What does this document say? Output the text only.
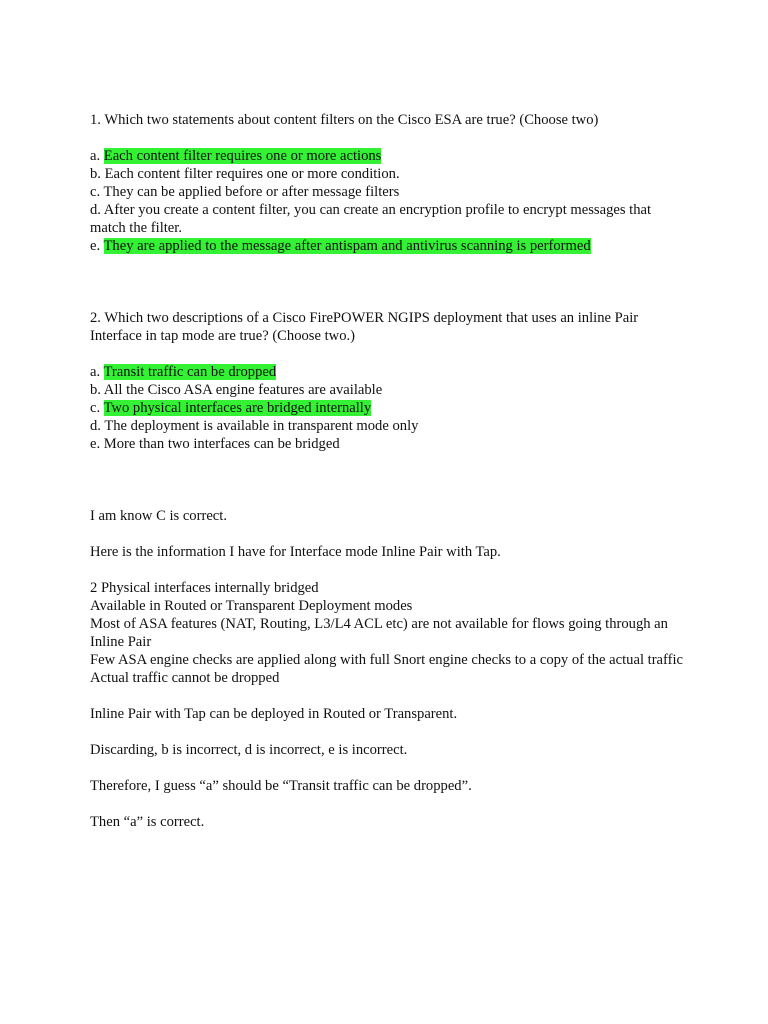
1. Which two statements about content filters on the Cisco ESA are true? (Choose two)
a. Each content filter requires one or more actions
b. Each content filter requires one or more condition.
c. They can be applied before or after message filters
d. After you create a content filter, you can create an encryption profile to encrypt messages that match the filter.
e. They are applied to the message after antispam and antivirus scanning is performed
2. Which two descriptions of a Cisco FirePOWER NGIPS deployment that uses an inline Pair Interface in tap mode are true? (Choose two.)
a. Transit traffic can be dropped
b. All the Cisco ASA engine features are available
c. Two physical interfaces are bridged internally
d. The deployment is available in transparent mode only
e. More than two interfaces can be bridged
I am know C is correct.
Here is the information I have for Interface mode Inline Pair with Tap.
2 Physical interfaces internally bridged
Available in Routed or Transparent Deployment modes
Most of ASA features (NAT, Routing, L3/L4 ACL etc) are not available for flows going through an Inline Pair
Few ASA engine checks are applied along with full Snort engine checks to a copy of the actual traffic
Actual traffic cannot be dropped
Inline Pair with Tap can be deployed in Routed or Transparent.
Discarding, b is incorrect, d is incorrect, e is incorrect.
Therefore, I guess “a” should be “Transit traffic can be dropped”.
Then “a” is correct.
